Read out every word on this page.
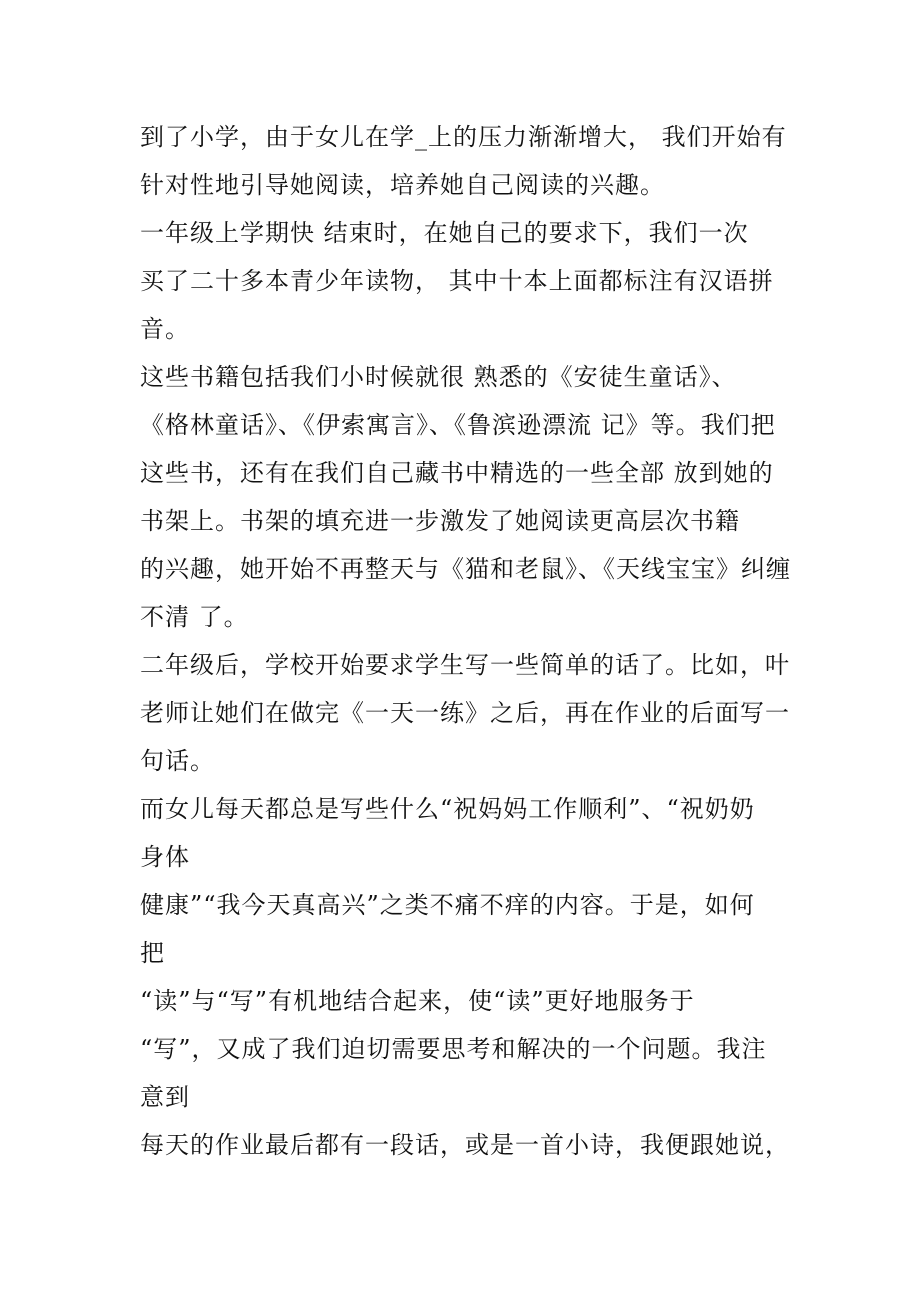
到了小学，由于女儿在学_上的压力渐渐增大， 我们开始有
针对性地引导她阅读，培养她自己阅读的兴趣。
一年级上学期快 结束时，在她自己的要求下，我们一次
买了二十多本青少年读物， 其中十本上面都标注有汉语拼
音。
这些书籍包括我们小时候就很 熟悉的《安徒生童话》、
《格林童话》、《伊索寓言》、《鲁滨逊漂流 记》等。我们把
这些书，还有在我们自己藏书中精选的一些全部 放到她的
书架上。书架的填充进一步激发了她阅读更高层次书籍
的兴趣，她开始不再整天与《猫和老鼠》、《天线宝宝》纠缠
不清 了。
二年级后，学校开始要求学生写一些简单的话了。比如，叶
老师让她们在做完《一天一练》之后，再在作业的后面写一
句话。
而女儿每天都总是写些什么“祝妈妈工作顺利”、“祝奶奶
身体
健康”“我今天真高兴”之类不痛不痒的内容。于是，如何
把
“读”与“写”有机地结合起来，使“读”更好地服务于
“写”，又成了我们迫切需要思考和解决的一个问题。我注
意到
每天的作业最后都有一段话，或是一首小诗，我便跟她说，
